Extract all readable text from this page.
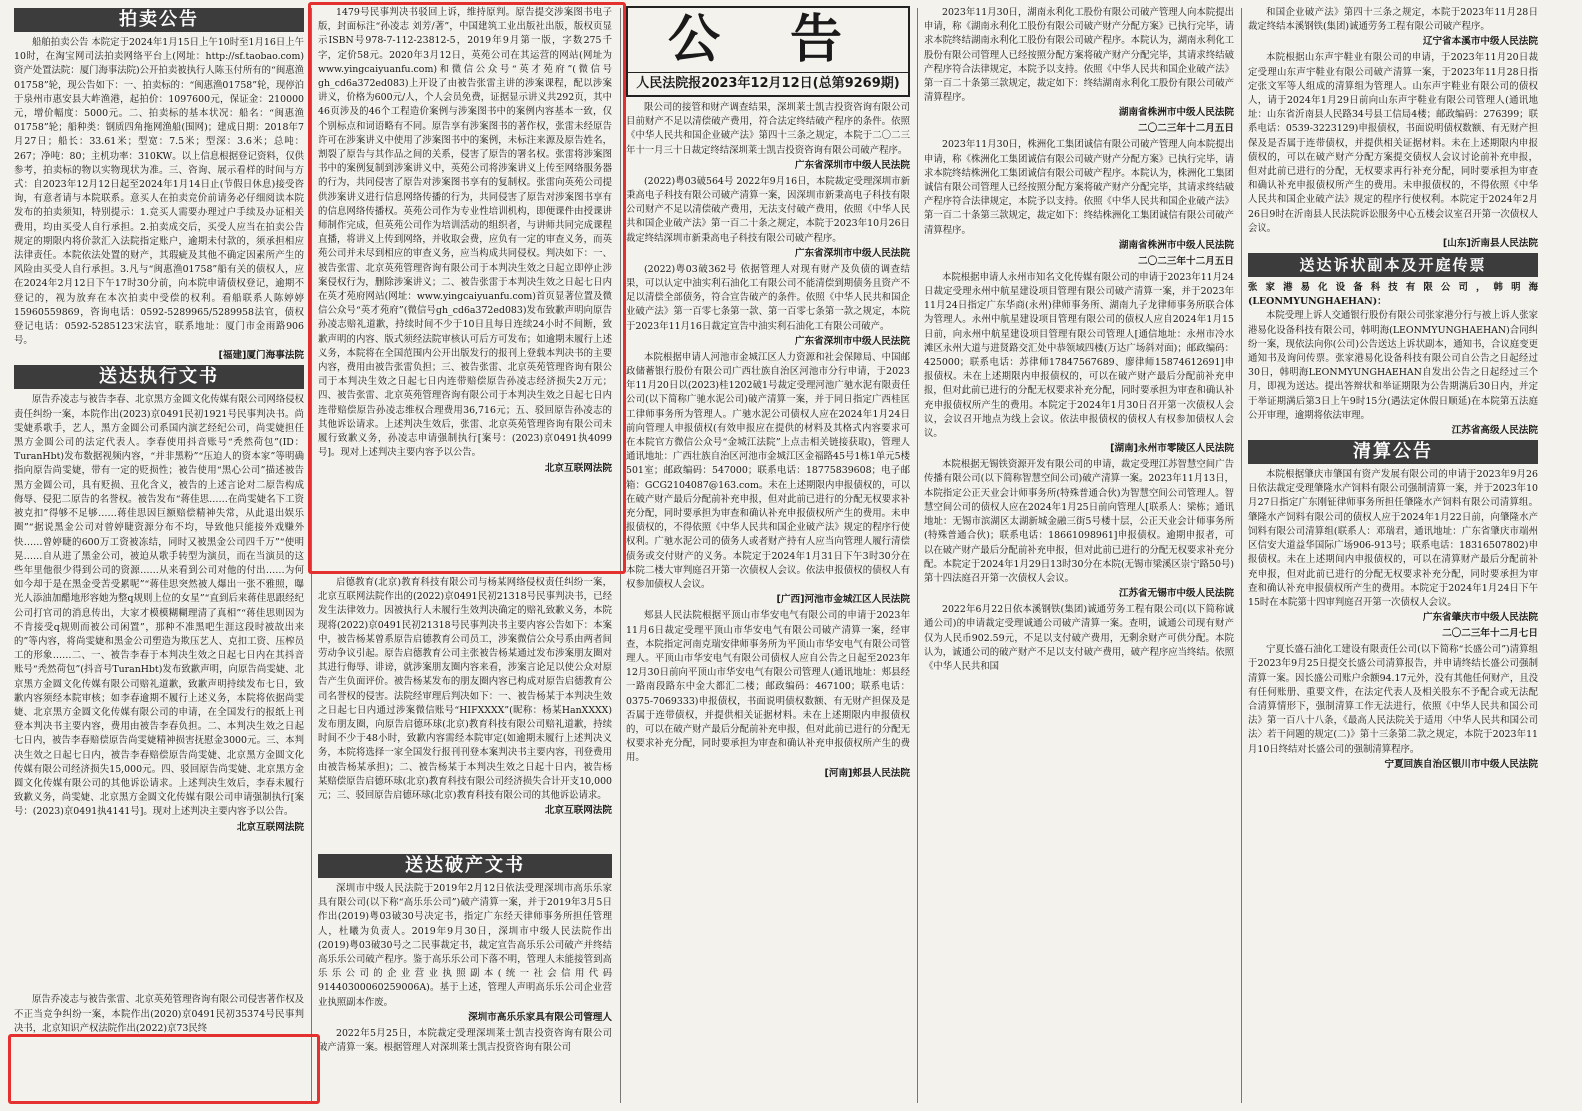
拍卖公告

船舶拍卖公告 本院定于2024年1月15日上午10时至1月16日上午10时，在淘宝网司法拍卖网络平台上(网址：http://sf.taobao.com)资产处置法院：厦门海事法院)公开拍卖被执行人陈玉付所有的“闽惠渔01758”轮，现公告如下：一、拍卖标的：“闽惠渔01758”轮，现停泊于泉州市惠安县大岞渔港，起拍价：1097600元，保证金：210000元，增价幅度：5000元。二、拍卖标的基本状况：船名：“闽惠渔01758”轮；船种类：钢质四角拖网渔船(围网)；建成日期：2018年7月27日；船长：33.61米；型宽：7.5米；型深：3.6米；总吨：267；净吨：80；主机功率：310KW。以上信息根据登记资料，仅供参考，拍卖标的物以实物现状为准。三、咨询、展示看样的时间与方式：自2023年12月12日起至2024年1月14日止(节假日休息)接受咨询，有意者请与本院联系。意买人在拍卖竞价前请务必仔细阅读本院发布的拍卖须知，特别提示：1.竞买人需要办理过户手续及办证相关费用，均由买受人自行承担。2.拍卖成交后，买受人应当在拍卖公告规定的期限内将价款汇入法院指定账户，逾期未付款的，须承担相应法律责任。本院依法处置的财产，其瑕疵及其他不确定因素所产生的风险由买受人自行承担。3.凡与“闽惠渔01758”船有关的债权人，应在2024年2月12日下午17时30分前，向本院申请债权登记，逾期不登记的，视为放弃在本次拍卖中受偿的权利。看船联系人陈婷婷15960559869，咨询电话：0592-5289965/5289958法官，债权登记电话：0592-5285123宋法官，联系地址：厦门市金雨路906号。

[福建]厦门海事法院
送达执行文书

原告乔凌志与被告李春、北京黑方金圆文化传媒有限公司网络侵权责任纠纷一案，本院作出(2023)京0491民初1921号民事判决书。尚雯婕系歌手，艺人，黑方金圆公司系国内演艺经纪公司，尚雯婕担任黑方金圆公司的法定代表人。李春使用抖音账号“秃然荷包”(ID：TuranHbt)发布数据视频内容，“并非黑粉”“压迫人的资本家”等明确指向原告尚雯婕，带有一定的贬损性；被告使用“黑心公司”描述被告黑方金圆公司，具有贬损、丑化含义，被告的上述言论对二原告构成侮辱、侵犯二原告的名誉权。被告发布“蒋佳思……在尚雯婕名下工资被克扣”得够不足够……蒋佳思因巨额赔偿精神失常，从此退出娱乐圈”“据说黑金公司对曾婷睫资源分布不均，导致他只能接外戏赚外快……曾婷睫的600万工资被冻结，同时又被黑金公司四千万”“使明晃……自从进了黑金公司，被迫从歌手转型为演员，而在当演员的这些年里他很少得到公司的资源……从来看到公司对他的付出……为何如今却于是在黑金受苦受累呢”“蒋佳思突然被人爆出一张不雅照，曝光人添油加醋地形容她为整q规则上位的女星”“直到后来蒋佳思跟经纪公司打官司的消息传出，大家才模模糊糊理清了真相”“蒋佳思则因为不肯接受q规则而被公司闲置”，那种不准黑吧生涯这段时被故出来的”等内容，将尚雯婕和黑金公司塑造为欺压艺人、克扣工资、压榨员工的形象……二、一、被告李春于本判决生效之日起七日内在其抖音账号“秃然荷包”(抖音号TuranHbt)发布致歉声明，向原告尚雯婕、北京黑方金圆文化传媒有限公司赔礼道歉，致歉声明持续发布七日，致歉内容须经本院审核；如李春逾期不履行上述义务，本院将依据尚雯婕、北京黑方金圆文化传媒有限公司的申请，在全国发行的报纸上刊登本判决书主要内容，费用由被告李春负担。二、本判决生效之日起七日内，被告李春赔偿原告尚雯婕精神损害抚慰金3000元。三、本判决生效之日起七日内，被告李春赔偿原告尚雯婕、北京黑方金圆文化传媒有限公司经济损失15,000元。四、驳回原告尚雯婕、北京黑方金圆文化传媒有限公司的其他诉讼请求。上述判决生效后，李春未履行致歉义务，尚雯婕、北京黑方金圆文化传媒有限公司申请强制执行[案号：(2023)京0491执4141号]。现对上述判决主要内容予以公告。

北京互联网法院

原告乔凌志与被告张雷、北京英苑管理咨询有限公司侵害著作权及不正当竞争纠纷一案，本院作出(2020)京0491民初35374号民事判决书，北京知识产权法院作出(2022)京73民终

1479号民事判决书驳回上诉，维持原判。原告提交涉案图书电子版，封面标注“孙凌志 刘芳/著”，中国建筑工业出版社出版，版权页显示ISBN号978-7-112-23812-5，2019年9月第一版，字数275千字，定价58元。2020年3月12日，英苑公司在其运营的网站(网址为www.yingcaiyuanfu.com)和微信公众号“英才苑府”(微信号gh_cd6a372ed083)上开设了由被告张雷主讲的涉案课程，配以涉案讲义，价格为600元/人，个人会员免费，证据显示讲义共292页，其中46页涉及的46个工程造价案例与涉案图书中的案例内容基本一致，仅个别标点和词语略有不同。原告享有涉案图书的著作权，张雷未经原告许可在涉案讲义中使用了涉案图书中的案例，未标注来源及原告姓名，割裂了原告与其作品之间的关系，侵害了原告的署名权。张雷将涉案图书中的案例复制到涉案讲义中，英苑公司将涉案讲义上传至网络服务器的行为，共同侵害了原告对涉案图书享有的复制权。张雷向英苑公司提供涉案讲义进行信息网络传播的行为，共同侵害了原告对涉案图书享有的信息网络传播权。英苑公司作为专业性培训机构，即便课件由授课讲师制作完成，但英苑公司作为培训活动的组织者，与讲师共同完成课程直播，将讲义上传到网络，并收取会费，应负有一定的审查义务，而英苑公司并未尽到相应的审查义务，应当构成共同侵权。判决如下：一、被告张雷、北京英苑管理咨询有限公司于本判决生效之日起立即停止涉案侵权行为，删除涉案讲义；二、被告张雷于本判决生效之日起七日内在英才苑府网站(网址：www.yingcaiyuanfu.com)首页显著位置及微信公众号“英才苑府”(微信号gh_cd6a372ed083)发布致歉声明向原告孙凌志赔礼道歉，持续时间不少于10日且每日连续24小时不间断，致歉声明的内容、版式须经法院审核认可后方可发布；如逾期未履行上述义务，本院将在全国范围内公开出版发行的报刊上登载本判决书的主要内容，费用由被告张雷负担；三、被告张雷、北京英苑管理咨询有限公司于本判决生效之日起七日内连带赔偿原告孙凌志经济损失2万元；四、被告张雷、北京英苑管理咨询有限公司于本判决生效之日起七日内连带赔偿原告孙凌志维权合理费用36,716元；五、驳回原告孙凌志的其他诉讼请求。上述判决生效后，张雷、北京英苑管理咨询有限公司未履行致歉义务，孙凌志申请强制执行[案号：(2023)京0491执4099号]。现对上述判决主要内容予以公告。

北京互联网法院

启德教育(北京)教育科技有限公司与杨某网络侵权责任纠纷一案，北京互联网法院作出的(2022)京0491民初21318号民事判决书，已经发生法律效力。因被执行人未履行生效判决确定的赔礼致歉义务，本院现将(2022)京0491民初21318号民事判决书主要内容公告如下：本案中，被告杨某曾系原告启德教育公司员工，涉案微信公众号系由两者间劳动争议引起。原告启德教育公司主张被告杨某通过发布涉案朋友圈对其进行侮辱、诽谤，就涉案朋友圈内容来看，涉案言论足以使公众对原告产生负面评价。被告杨某发布的朋友圈内容已构成对原告启德教育公司名誉权的侵害。法院经审理后判决如下：一、被告杨某于本判决生效之日起七日内通过涉案微信账号“HIFXXXX”(昵称：杨某HanXXXX)发布朋友圈，向原告启德环球(北京)教育科技有限公司赔礼道歉，持续时间不少于48小时，致歉内容需经本院审定(如逾期未履行上述判决义务，本院将选择一家全国发行报刊刊登本案判决书主要内容，刊登费用由被告杨某承担)；二、被告杨某于本判决生效之日起十日内，被告杨某赔偿原告启德环球(北京)教育科技有限公司经济损失合计开支10,000元；三、驳回原告启德环球(北京)教育科技有限公司的其他诉讼请求。

北京互联网法院
送达破产文书

深圳市中级人民法院于2019年2月12日依法受理深圳市高乐乐家具有限公司(以下称“高乐乐公司”)破产清算一案，并于2019年3月5日作出(2019)粤03破30号决定书，指定广东经天律师事务所担任管理人，杜曦为负责人。2019年9月30日，深圳市中级人民法院作出(2019)粤03破30号之二民事裁定书，裁定宣告高乐乐公司破产并终结高乐乐公司破产程序。鉴于高乐乐公司下落不明，管理人未能接管到高乐乐公司的企业营业执照副本(统一社会信用代码91440300060259006A)。基于上述，管理人声明高乐乐公司企业营业执照副本作废。

深圳市高乐乐家具有限公司管理人

2022年5月25日，本院裁定受理深圳莱士凯吉投资咨询有限公司破产清算一案。根据管理人对深圳莱士凯吉投资咨询有限公司

公 告
人民法院报2023年12月12日(总第9269期)

限公司的接管和财产调查结果，深圳莱士凯吉投资咨询有限公司目前财产不足以清偿破产费用，符合法定终结破产程序的条件。依照《中华人民共和国企业破产法》第四十三条之规定，本院于二〇二三年十一月三十日裁定终结深圳莱士凯吉投资咨询有限公司破产程序。

广东省深圳市中级人民法院

(2022)粤03破564号 2022年9月16日，本院裁定受理深圳市新秉高电子科技有限公司破产清算一案，因深圳市新秉高电子科技有限公司财产不足以清偿破产费用，无法支付破产费用，依照《中华人民共和国企业破产法》第一百二十条之规定，本院于2023年10月26日裁定终结深圳市新秉高电子科技有限公司破产程序。

广东省深圳市中级人民法院

(2022)粤03破362号 依据管理人对现有财产及负债的调查结果，可以认定中油实利石油化工有限公司不能清偿到期债务且资产不足以清偿全部债务，符合宣告破产的条件。依照《中华人民共和国企业破产法》第一百零七条第一款、第一百零七条第一款之规定，本院于2023年11月16日裁定宣告中油实利石油化工有限公司破产。

广东省深圳市中级人民法院

本院根据申请人河池市金城江区人力资源和社会保障局、中国邮政储蓄银行股份有限公司广西壮族自治区河池市分行申请，于2023年11月20日以(2023)桂1202破1号裁定受理河池广驰水泥有限责任公司(以下简称广驰水泥公司)破产清算一案，并于同日指定广西桂匡工律师事务所为管理人。广驰水泥公司债权人应在2024年1月24日前向管理人申报债权(有效申报应在提供的材料及其格式内容要求可在本院官方微信公众号“金城江法院”上点击相关链接获取)，管理人通讯地址：广西壮族自治区河池市金城江区金福路45号1栋1单元5楼501室；邮政编码：547000；联系电话：18775839608；电子邮箱：GCG2104087@163.com。未在上述期限内申报债权的，可以在破产财产最后分配前补充申报，但对此前已进行的分配无权要求补充分配，同时要承担为审查和确认补充申报债权所产生的费用。未申报债权的，不得依照《中华人民共和国企业破产法》规定的程序行使权利。广驰水泥公司的债务人或者财产持有人应当向管理人履行清偿债务或交付财产的义务。本院定于2024年1月31日下午3时30分在本院二楼大审判庭召开第一次债权人会议。依法申报债权的债权人有权参加债权人会议。

[广西]河池市金城江区人民法院

郏县人民法院根据平顶山市华安电气有限公司的申请于2023年11月6日裁定受理平顶山市华安电气有限公司破产清算一案，经审查，本院指定河南克瑞安律师事务所为平顶山市华安电气有限公司管理人。平顶山市华安电气有限公司债权人应自公告之日起至2023年12月30日前向平顶山市华安电气有限公司管理人(通讯地址：郏县经一路南段路东中金大都汇二楼；邮政编码：467100；联系电话：0375-7069333)申报债权，书面说明债权数额、有无财产担保及是否属于连带债权，并提供相关证据材料。未在上述期限内申报债权的，可以在破产财产最后分配前补充申报，但对此前已进行的分配无权要求补充分配，同时要承担为审查和确认补充申报债权所产生的费用。

[河南]郏县人民法院

2023年11月30日，湖南永利化工股份有限公司破产管理人向本院提出申请，称《湖南永利化工股份有限公司破产财产分配方案》已执行完毕，请求本院终结湖南永利化工股份有限公司破产程序。本院认为，湖南永利化工股份有限公司管理人已经按照分配方案将破产财产分配完毕，其请求终结破产程序符合法律规定，本院予以支持。依照《中华人民共和国企业破产法》第一百二十条第三款规定，裁定如下：终结湖南永利化工股份有限公司破产清算程序。

湖南省株洲市中级人民法院
二〇二三年十二月五日

2023年11月30日，株洲化工集团诚信有限公司破产管理人向本院提出申请，称《株洲化工集团诚信有限公司破产财产分配方案》已执行完毕，请求本院终结株洲化工集团诚信有限公司破产程序。本院认为，株洲化工集团诚信有限公司管理人已经按照分配方案将破产财产分配完毕，其请求终结破产程序符合法律规定，本院予以支持。依照《中华人民共和国企业破产法》第一百二十条第三款规定，裁定如下：终结株洲化工集团诚信有限公司破产清算程序。

湖南省株洲市中级人民法院
二〇二三年十二月五日

本院根据申请人永州市知名文化传媒有限公司的申请于2023年11月24日裁定受理永州中航星建设项目管理有限公司破产清算一案，并于2023年11月24日指定广东华商(永州)律师事务所、湖南九子龙律师事务所联合体为管理人。永州中航星建设项目管理有限公司的债权人应自2024年1月15日前，向永州中航星建设项目管理有限公司管理人[通信地址：永州市冷水滩区永州大道与进贤路交汇处中恭领域四楼(万达广场斜对面)；邮政编码：425000；联系电话：苏律师17847567689、廖律师15874612691]申报债权。未在上述期限内申报债权的，可以在破产财产最后分配前补充申报，但对此前已进行的分配无权要求补充分配，同时要承担为审查和确认补充申报债权所产生的费用。本院定于2024年1月30日召开第一次债权人会议，会议召开地点为线上会议。依法申报债权的债权人有权参加债权人会议。

[湖南]永州市零陵区人民法院

本院根据无锡铁资源开发有限公司的申请，裁定受理江苏智慧空间广告传播有限公司(以下简称智慧空间公司)破产清算一案。2023年11月13日，本院指定公正天业会计师事务所(特殊普通合伙)为智慧空间公司管理人。智慧空间公司的债权人应在2024年1月25日前向管理人[联系人：梁栋；通讯地址：无锡市滨湖区太湖新城金融三街5号楼十层，公正天业会计师事务所(特殊普通合伙)；联系电话：18661098961]申报债权。逾期申报者，可以在破产财产最后分配前补充申报，但对此前已进行的分配无权要求补充分配。本院定于2024年1月29日13时30分在本院(无锡市梁溪区崇宁路50号)第十四法庭召开第一次债权人会议。

江苏省无锡市中级人民法院

2022年6月22日依本溪钢铁(集团)诚通劳务工程有限公司(以下简称诚通公司)的申请裁定受理诚通公司破产清算一案。查明，诚通公司现有财产仅为人民币902.59元，不足以支付破产费用，无剩余财产可供分配。本院认为，诚通公司的破产财产不足以支付破产费用，破产程序应当终结。依照《中华人民共和国

和国企业破产法》第四十三条之规定，本院于2023年11月28日裁定终结本溪钢铁(集团)诚通劳务工程有限公司破产程序。

辽宁省本溪市中级人民法院

本院根据山东声宇鞋业有限公司的申请，于2023年11月20日裁定受理山东声宇鞋业有限公司破产清算一案，于2023年11月28日指定张文军等人组成的清算组为管理人。山东声宇鞋业有限公司的债权人，请于2024年1月29日前向山东声宇鞋业有限公司管理人(通讯地址：山东省沂南县人民路34号县工信局4楼；邮政编码：276399；联系电话：0539-3223129)申报债权，书面说明债权数额、有无财产担保及是否属于连带债权，并提供相关证据材料。未在上述期限内申报债权的，可以在破产财产分配方案提交债权人会议讨论前补充申报，但对此前已进行的分配，无权要求再行补充分配，同时要承担为审查和确认补充申报债权所产生的费用。未申报债权的，不得依照《中华人民共和国企业破产法》规定的程序行使权利。本院定于2024年2月26日9时在沂南县人民法院诉讼服务中心五楼会议室召开第一次债权人会议。

[山东]沂南县人民法院
送达诉状副本及开庭传票

张家港易化设备科技有限公司，韩明海(LEONMYUNGHAEHAN)：

本院受理上诉人交通银行股份有限公司张家港分行与被上诉人张家港易化设备科技有限公司，韩明海(LEONMYUNGHAEHAN)合同纠纷一案，现依法向你(公司)公告送达上诉状副本，通知书，合议庭变更通知书及询问传票。张家港易化设备科技有限公司自公告之日起经过30日，韩明海LEONMYUNGHAEHAN自发出公告之日起经过三个月，即视为送达。提出答辩状和举证期限为公告期满后30日内，并定于举证期满后第3日上午9时15分(遇法定休假日顺延)在本院第五法庭公开审理，逾期将依法审理。

江苏省高级人民法院
清算公告

本院根据肇庆市肇国有资产发展有限公司的申请于2023年9月26日依法裁定受理肇隆水产饲料有限公司强制清算一案，并于2023年10月27日指定广东刚钲律师事务所担任肇隆水产饲料有限公司清算组。肇隆水产饲料有限公司的债权人应于2024年1月22日前，向肇隆水产饲料有限公司清算组(联系人：邓瑞君，通讯地址：广东省肇庆市端州区信安大道益华国际广场906-913号；联系电话：18316507802)申报债权。未在上述期间内申报债权的，可以在清算财产最后分配前补充申报，但对此前已进行的分配无权要求补充分配，同时要承担为审查和确认补充申报债权所产生的费用。本院定于2024年1月24日下午15时在本院第十四审判庭召开第一次债权人会议。

广东省肇庆市中级人民法院
二〇二三年十二月七日

宁夏长盛石油化工建设有限责任公司(以下简称“长盛公司”)清算组于2023年9月25日提交长盛公司清算报告，并申请终结长盛公司强制清算一案。因长盛公司账户余额94.17元外，没有其他任何财产，且没有任何账册、重要文件，在法定代表人及相关股东不予配合或无法配合清算情形下，强制清算工作无法进行，依照《中华人民共和国公司法》第一百八十八条，《最高人民法院关于适用〈中华人民共和国公司法〉若干问题的规定(二)》第十三条第二款之规定，本院于2023年11月10日终结对长盛公司的强制清算程序。

宁夏回族自治区银川市中级人民法院
